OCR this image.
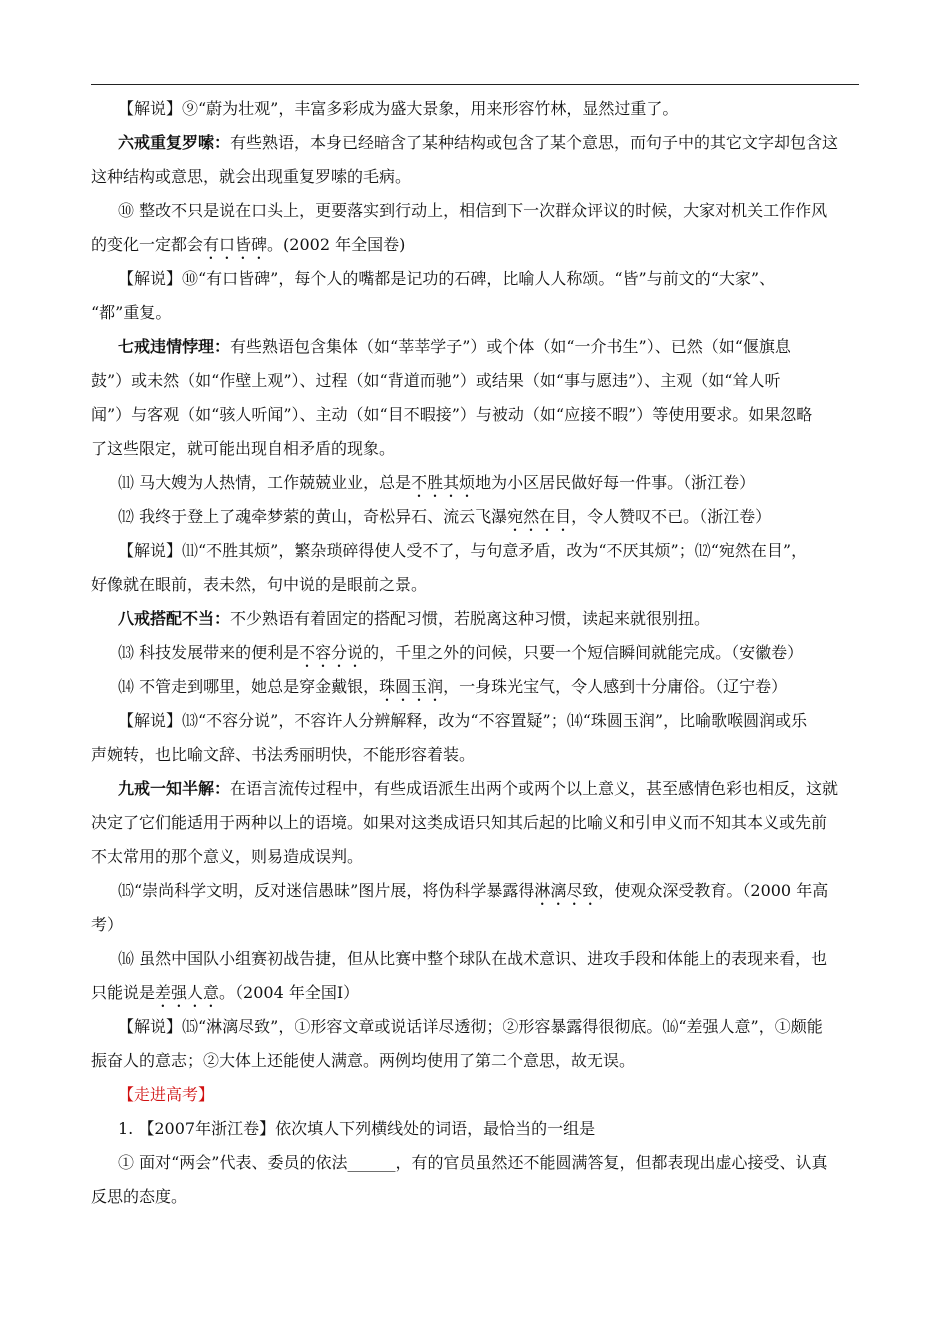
【解说】⑨“蔚为壮观”，丰富多彩成为盛大景象，用来形容竹林，显然过重了。
六戒重复罗嗦：有些熟语，本身已经暗含了某种结构或包含了某个意思，而句子中的其它文字却包含这
这种结构或意思，就会出现重复罗嗦的毛病。
⑩ 整改不只是说在口头上，更要落实到行动上，相信到下一次群众评议的时候，大家对机关工作作风
的变化一定都会有口皆碑。(2002 年全国卷)
【解说】⑩“有口皆碑”，每个人的嘴都是记功的石碑，比喻人人称颂。“皆”与前文的“大家”、
“都”重复。
七戒违情悖理：有些熟语包含集体（如“莘莘学子”）或个体（如“一介书生”）、已然（如“偃旗息
鼓”）或未然（如“作壁上观”）、过程（如“背道而驰”）或结果（如“事与愿违”）、主观（如“耸人听
闻”）与客观（如“骇人听闻”）、主动（如“目不暇接”）与被动（如“应接不暇”）等使用要求。如果忽略
了这些限定，就可能出现自相矛盾的现象。
⑾ 马大嫂为人热情，工作兢兢业业，总是不胜其烦地为小区居民做好每一件事。（浙江卷）
⑿ 我终于登上了魂牵梦萦的黄山，奇松异石、流云飞瀑宛然在目，令人赞叹不已。（浙江卷）
【解说】⑾“不胜其烦”，繁杂琐碎得使人受不了，与句意矛盾，改为“不厌其烦”；⑿“宛然在目”，
好像就在眼前，表未然，句中说的是眼前之景。
八戒搭配不当：不少熟语有着固定的搭配习惯，若脱离这种习惯，读起来就很别扭。
⒀ 科技发展带来的便利是不容分说的，千里之外的问候，只要一个短信瞬间就能完成。（安徽卷）
⒁ 不管走到哪里，她总是穿金戴银，珠圆玉润，一身珠光宝气，令人感到十分庸俗。（辽宁卷）
【解说】⒀“不容分说”，不容许人分辨解释，改为“不容置疑”；⒁“珠圆玉润”，比喻歌喉圆润或乐
声婉转，也比喻文辞、书法秀丽明快，不能形容着装。
九戒一知半解：在语言流传过程中，有些成语派生出两个或两个以上意义，甚至感情色彩也相反，这就
决定了它们能适用于两种以上的语境。如果对这类成语只知其后起的比喻义和引申义而不知其本义或先前
不太常用的那个意义，则易造成误判。
⒂“崇尚科学文明，反对迷信愚昧”图片展，将伪科学暴露得淋漓尽致，使观众深受教育。（2000 年高
考）
⒃ 虽然中国队小组赛初战告捷，但从比赛中整个球队在战术意识、进攻手段和体能上的表现来看，也
只能说是差强人意。（2004 年全国Ⅰ）
【解说】⒂“淋漓尽致”，①形容文章或说话详尽透彻；②形容暴露得很彻底。⒃“差强人意”，①颇能
振奋人的意志；②大体上还能使人满意。两例均使用了第二个意思，故无误。
【走进高考】
1. 【2007年浙江卷】依次填人下列横线处的词语，最恰当的一组是
① 面对“两会”代表、委员的依法______，有的官员虽然还不能圆满答复，但都表现出虚心接受、认真
反思的态度。
